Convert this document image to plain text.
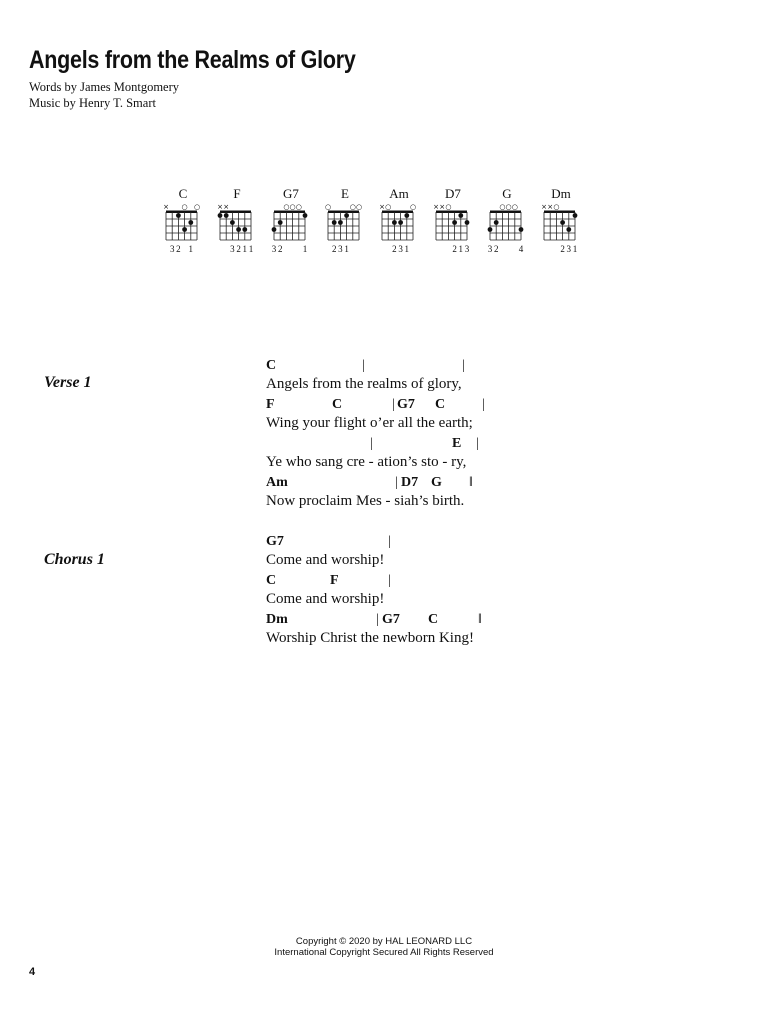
Angels from the Realms of Glory
Words by James Montgomery
Music by Henry T. Smart
C
× ○ ○
3 2 1
F
× ×
3 2 1 1
G7
○ ○ ○
3 2 1
E
○	○ ○
2 3 1
Am
× ○	○
2 3 1
D7
× × ○
2 1 3
G
○ ○ ○
3 2 4
Dm
× × ○
2 3 1
Verse 1
C	|	|
Angels from the realms of glory,
F	C	| G7 C	|
Wing your flight o’er all the earth;
|	E |
Ye who sang cre - ation’s sto - ry,
Am	| D7 G ‖
Now proclaim Mes - siah’s birth.
Chorus 1
G7	|
Come and worship!
C	F	|
Come and worship!
Dm	| G7 C	‖
Worship Christ the newborn King!
Copyright © 2020 by HAL LEONARD LLC
International Copyright Secured All Rights Reserved
4
